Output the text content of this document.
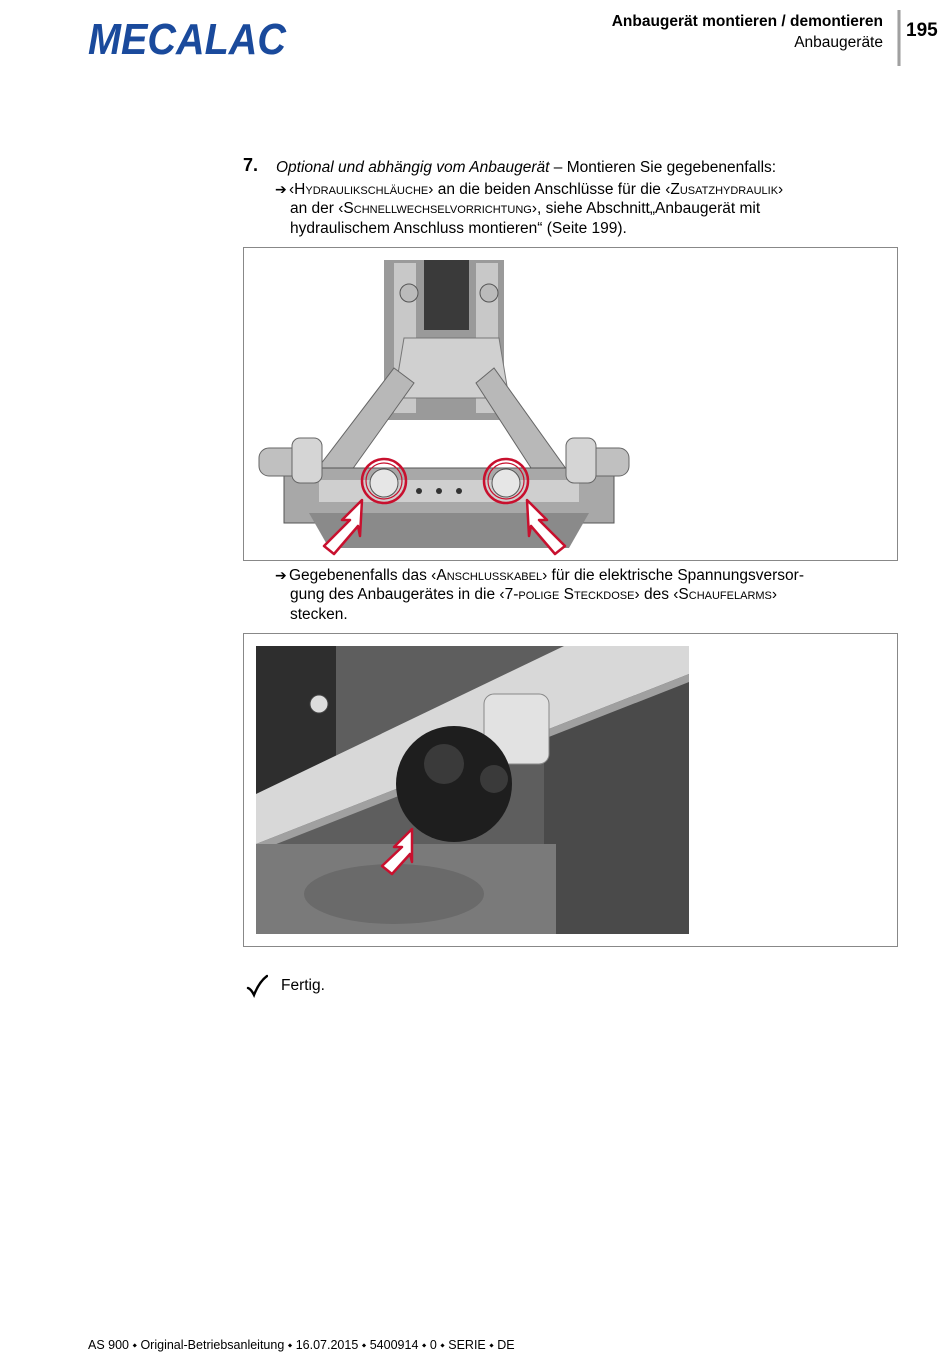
MECALAC	Anbaugerät montieren / demontieren
Anbaugeräte
195
7. Optional und abhängig vom Anbaugerät – Montieren Sie gegebenenfalls:
➔ ‹Hydraulikschläuche› an die beiden Anschlüsse für die ‹Zusatzhydraulik›
an der ‹Schnellwechselvorrichtung›, siehe Abschnitt„Anbaugerät mit
hydraulischem Anschluss montieren“ (Seite 199).
➔ Gegebenenfalls das ‹Anschlusskabel› für die elektrische Spannungsversor-
gung des Anbaugerätes in die ‹7-polige Steckdose› des ‹Schaufelarms›
stecken.
Fertig.
AS 900 ⬩ Original-Betriebsanleitung ⬩ 16.07.2015 ⬩ 5400914 ⬩ 0 ⬩ SERIE ⬩ DE
